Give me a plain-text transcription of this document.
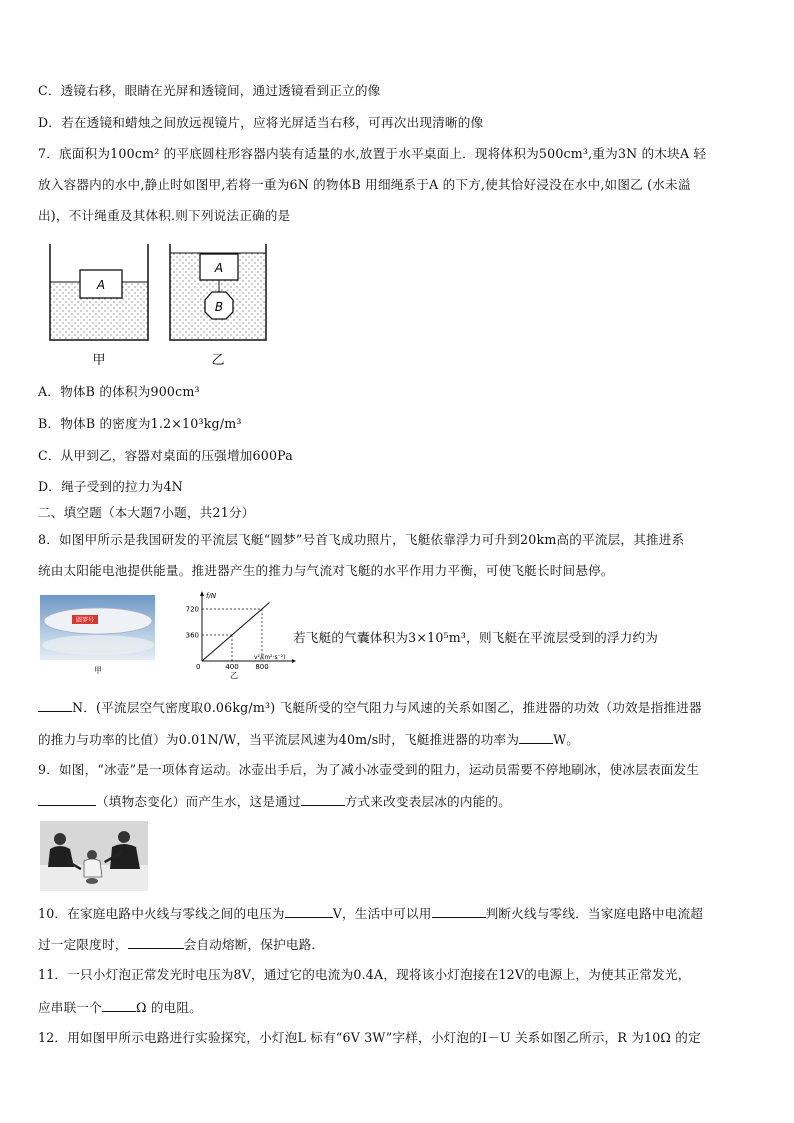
C．透镜右移，眼睛在光屏和透镜间，通过透镜看到正立的像
D．若在透镜和蜡烛之间放远视镜片，应将光屏适当右移，可再次出现清晰的像
7．底面积为100cm² 的平底圆柱形容器内装有适量的水,放置于水平桌面上．现将体积为500cm³,重为3N 的木块A 轻
放入容器内的水中,静止时如图甲,若将一重为6N 的物体B 用细绳系于A 的下方,使其恰好浸没在水中,如图乙 (水未溢
出)，不计绳重及其体积.则下列说法正确的是
A
甲
A
B
乙
A．物体B 的体积为900cm³
B．物体B 的密度为1.2×10³kg/m³
C．从甲到乙，容器对桌面的压强增加600Pa
D．绳子受到的拉力为4N
二、填空题（本大题7小题，共21分）
8．如图甲所示是我国研发的平流层飞艇“圆梦”号首飞成功照片，飞艇依靠浮力可升到20km高的平流层，其推进系
统由太阳能电池提供能量。推进器产生的推力与气流对飞艇的水平作用力平衡，可使飞艇长时间悬停。
圆梦号
甲
f/N
v²/(m²·s⁻²)
0
720
360
400 800
乙
若飞艇的气囊体积为3×10⁵m³，则飞艇在平流层受到的浮力约为
N．(平流层空气密度取0.06kg/m³) 飞艇所受的空气阻力与风速的关系如图乙，推进器的功效（功效是指推进器
的推力与功率的比值）为0.01N/W，当平流层风速为40m/s时，飞艇推进器的功率为	W。
9．如图，“冰壶”是一项体育运动。冰壶出手后，为了减小冰壶受到的阻力，运动员需要不停地刷冰，使冰层表面发生
（填物态变化）而产生水，这是通过	方式来改变表层冰的内能的。
10．在家庭电路中火线与零线之间的电压为	V，生活中可以用	判断火线与零线．当家庭电路中电流超
过一定限度时，	会自动熔断，保护电路．
11．一只小灯泡正常发光时电压为8V，通过它的电流为0.4A，现将该小灯泡接在12V的电源上，为使其正常发光，
应串联一个	Ω 的电阻。
12．用如图甲所示电路进行实验探究，小灯泡L 标有“6V 3W”字样，小灯泡的I－U 关系如图乙所示，R 为10Ω 的定
